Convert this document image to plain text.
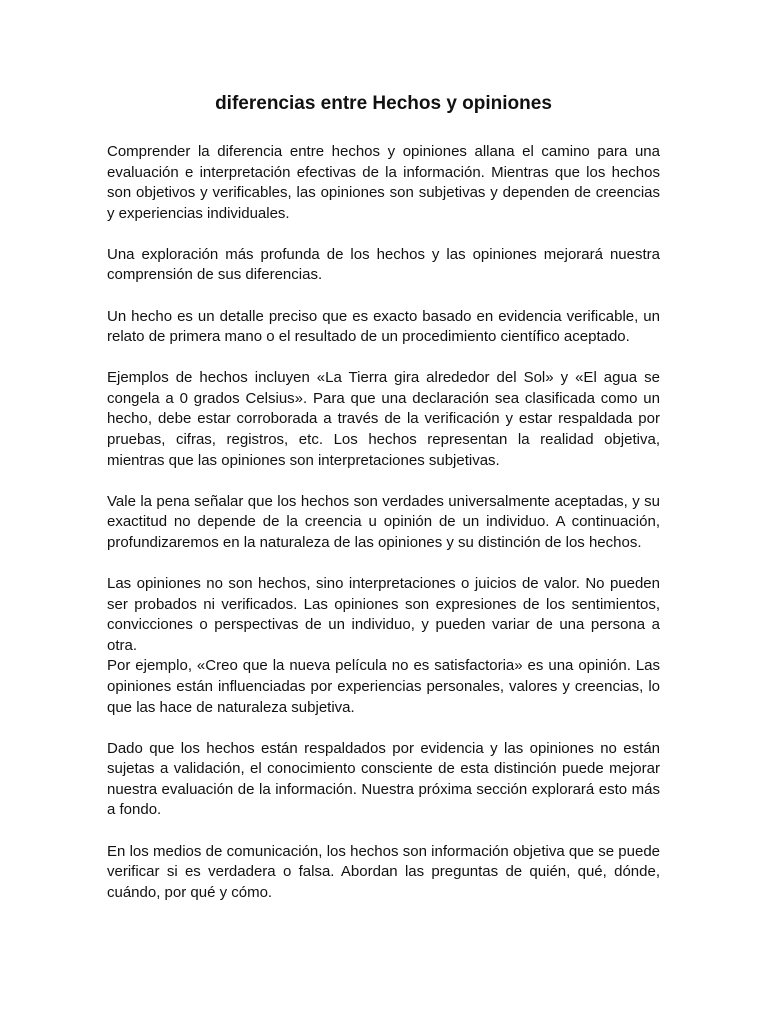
diferencias entre Hechos y opiniones

Comprender la diferencia entre hechos y opiniones allana el camino para una evaluación e interpretación efectivas de la información. Mientras que los hechos son objetivos y verificables, las opiniones son subjetivas y dependen de creencias y experiencias individuales.

Una exploración más profunda de los hechos y las opiniones mejorará nuestra comprensión de sus diferencias.

Un hecho es un detalle preciso que es exacto basado en evidencia verificable, un relato de primera mano o el resultado de un procedimiento científico aceptado.

Ejemplos de hechos incluyen «La Tierra gira alrededor del Sol» y «El agua se congela a 0 grados Celsius». Para que una declaración sea clasificada como un hecho, debe estar corroborada a través de la verificación y estar respaldada por pruebas, cifras, registros, etc. Los hechos representan la realidad objetiva, mientras que las opiniones son interpretaciones subjetivas.

Vale la pena señalar que los hechos son verdades universalmente aceptadas, y su exactitud no depende de la creencia u opinión de un individuo. A continuación, profundizaremos en la naturaleza de las opiniones y su distinción de los hechos.

Las opiniones no son hechos, sino interpretaciones o juicios de valor. No pueden ser probados ni verificados. Las opiniones son expresiones de los sentimientos, convicciones o perspectivas de un individuo, y pueden variar de una persona a otra.

Por ejemplo, «Creo que la nueva película no es satisfactoria» es una opinión. Las opiniones están influenciadas por experiencias personales, valores y creencias, lo que las hace de naturaleza subjetiva.

Dado que los hechos están respaldados por evidencia y las opiniones no están sujetas a validación, el conocimiento consciente de esta distinción puede mejorar nuestra evaluación de la información. Nuestra próxima sección explorará esto más a fondo.

En los medios de comunicación, los hechos son información objetiva que se puede verificar si es verdadera o falsa. Abordan las preguntas de quién, qué, dónde, cuándo, por qué y cómo.
